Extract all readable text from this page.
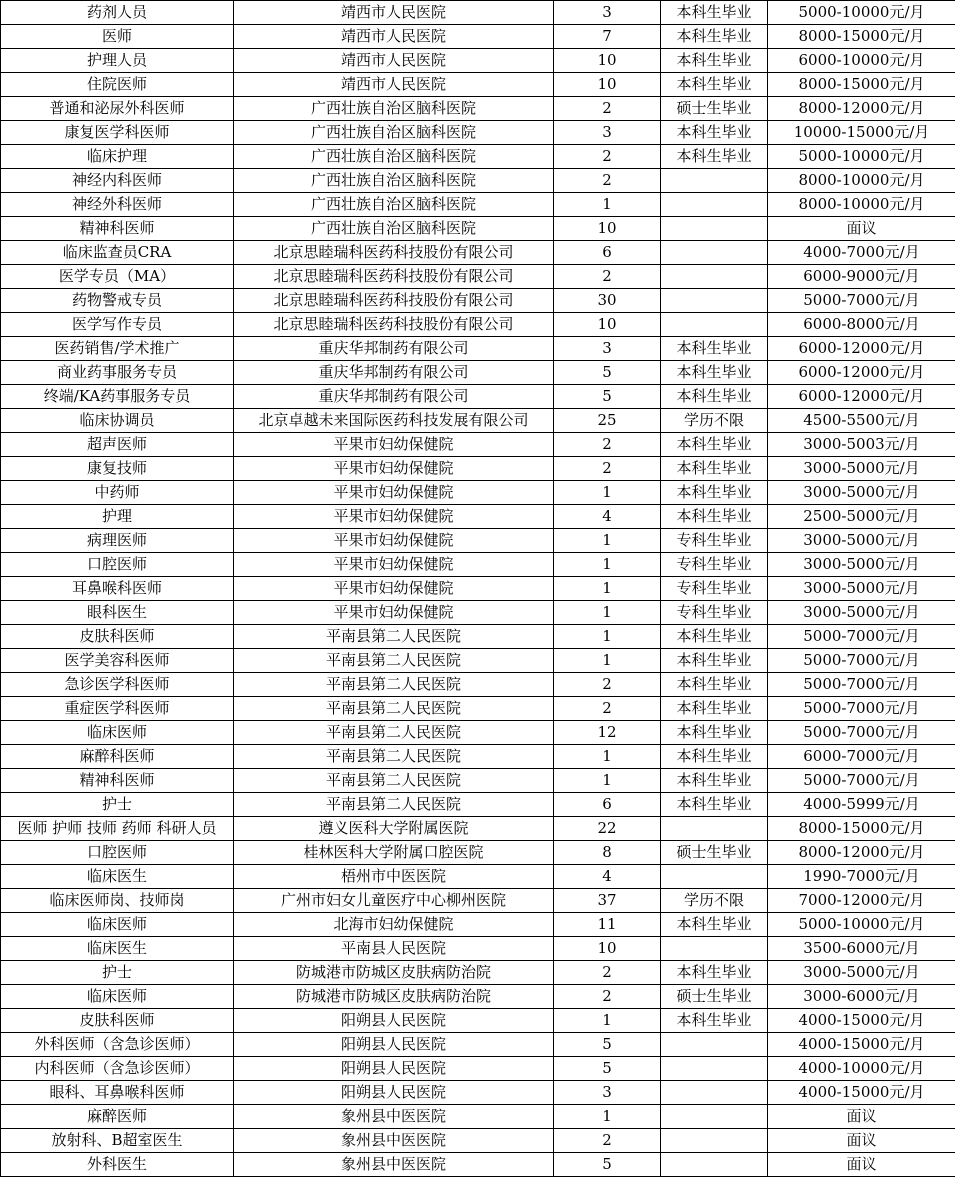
药剂人员	靖西市人民医院	3	本科生毕业	5000-10000元/月
医师	靖西市人民医院	7	本科生毕业	8000-15000元/月
护理人员	靖西市人民医院	10	本科生毕业	6000-10000元/月
住院医师	靖西市人民医院	10	本科生毕业	8000-15000元/月
普通和泌尿外科医师	广西壮族自治区脑科医院	2	硕士生毕业	8000-12000元/月
康复医学科医师	广西壮族自治区脑科医院	3	本科生毕业	10000-15000元/月
临床护理	广西壮族自治区脑科医院	2	本科生毕业	5000-10000元/月
神经内科医师	广西壮族自治区脑科医院	2		8000-10000元/月
神经外科医师	广西壮族自治区脑科医院	1		8000-10000元/月
精神科医师	广西壮族自治区脑科医院	10		面议
临床监查员CRA	北京思睦瑞科医药科技股份有限公司	6		4000-7000元/月
医学专员（MA）	北京思睦瑞科医药科技股份有限公司	2		6000-9000元/月
药物警戒专员	北京思睦瑞科医药科技股份有限公司	30		5000-7000元/月
医学写作专员	北京思睦瑞科医药科技股份有限公司	10		6000-8000元/月
医药销售/学术推广	重庆华邦制药有限公司	3	本科生毕业	6000-12000元/月
商业药事服务专员	重庆华邦制药有限公司	5	本科生毕业	6000-12000元/月
终端/KA药事服务专员	重庆华邦制药有限公司	5	本科生毕业	6000-12000元/月
临床协调员	北京卓越未来国际医药科技发展有限公司	25	学历不限	4500-5500元/月
超声医师	平果市妇幼保健院	2	本科生毕业	3000-5003元/月
康复技师	平果市妇幼保健院	2	本科生毕业	3000-5000元/月
中药师	平果市妇幼保健院	1	本科生毕业	3000-5000元/月
护理	平果市妇幼保健院	4	本科生毕业	2500-5000元/月
病理医师	平果市妇幼保健院	1	专科生毕业	3000-5000元/月
口腔医师	平果市妇幼保健院	1	专科生毕业	3000-5000元/月
耳鼻喉科医师	平果市妇幼保健院	1	专科生毕业	3000-5000元/月
眼科医生	平果市妇幼保健院	1	专科生毕业	3000-5000元/月
皮肤科医师	平南县第二人民医院	1	本科生毕业	5000-7000元/月
医学美容科医师	平南县第二人民医院	1	本科生毕业	5000-7000元/月
急诊医学科医师	平南县第二人民医院	2	本科生毕业	5000-7000元/月
重症医学科医师	平南县第二人民医院	2	本科生毕业	5000-7000元/月
临床医师	平南县第二人民医院	12	本科生毕业	5000-7000元/月
麻醉科医师	平南县第二人民医院	1	本科生毕业	6000-7000元/月
精神科医师	平南县第二人民医院	1	本科生毕业	5000-7000元/月
护士	平南县第二人民医院	6	本科生毕业	4000-5999元/月
医师 护师 技师 药师 科研人员	遵义医科大学附属医院	22		8000-15000元/月
口腔医师	桂林医科大学附属口腔医院	8	硕士生毕业	8000-12000元/月
临床医生	梧州市中医医院	4		1990-7000元/月
临床医师岗、技师岗	广州市妇女儿童医疗中心柳州医院	37	学历不限	7000-12000元/月
临床医师	北海市妇幼保健院	11	本科生毕业	5000-10000元/月
临床医生	平南县人民医院	10		3500-6000元/月
护士	防城港市防城区皮肤病防治院	2	本科生毕业	3000-5000元/月
临床医师	防城港市防城区皮肤病防治院	2	硕士生毕业	3000-6000元/月
皮肤科医师	阳朔县人民医院	1	本科生毕业	4000-15000元/月
外科医师（含急诊医师）	阳朔县人民医院	5		4000-15000元/月
内科医师（含急诊医师）	阳朔县人民医院	5		4000-10000元/月
眼科、耳鼻喉科医师	阳朔县人民医院	3		4000-15000元/月
麻醉医师	象州县中医医院	1		面议
放射科、B超室医生	象州县中医医院	2		面议
外科医生	象州县中医医院	5		面议
